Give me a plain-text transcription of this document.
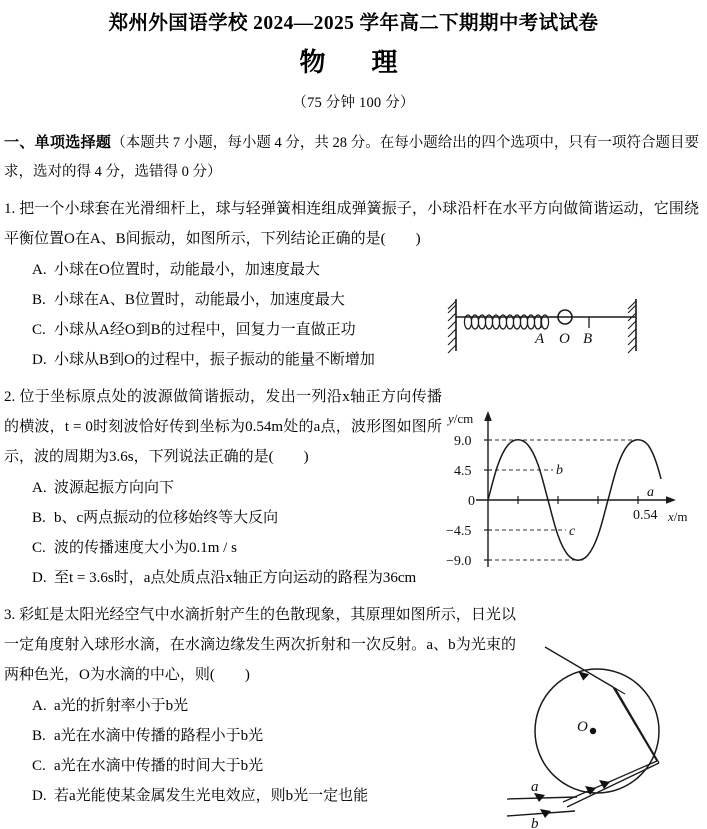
郑州外国语学校 2024—2025 学年高二下期期中考试试卷
物　理
（75 分钟 100 分）
一、单项选择题（本题共 7 小题，每小题 4 分，共 28 分。在每小题给出的四个选项中，只有一项符合题目要求，选对的得 4 分，选错得 0 分）
1. 把一个小球套在光滑细杆上，球与轻弹簧相连组成弹簧振子，小球沿杆在水平方向做简谐运动，它围绕平衡位置O在A、B间振动，如图所示，下列结论正确的是(　　)
A. 小球在O位置时，动能最小，加速度最大
B. 小球在A、B位置时，动能最小，加速度最大
C. 小球从A经O到B的过程中，回复力一直做正功
D. 小球从B到O的过程中，振子振动的能量不断增加
2. 位于坐标原点处的波源做简谐振动，发出一列沿x轴正方向传播的横波，t = 0时刻波恰好传到坐标为0.54m处的a点，波形图如图所示，波的周期为3.6s，下列说法正确的是(　　)
A. 波源起振方向向下
B. b、c两点振动的位移始终等大反向
C. 波的传播速度大小为0.1m / s
D. 至t = 3.6s时，a点处质点沿x轴正方向运动的路程为36cm
3. 彩虹是太阳光经空气中水滴折射产生的色散现象，其原理如图所示，日光以一定角度射入球形水滴，在水滴边缘发生两次折射和一次反射。a、b为光束的两种色光，O为水滴的中心，则(　　)
A. a光的折射率小于b光
B. a光在水滴中传播的路程小于b光
C. a光在水滴中传播的时间大于b光
D. 若a光能使某金属发生光电效应，则b光一定也能
A O B
y/cm
x/m
9.0
4.5
0
−4.5
−9.0
b
c
a
0.54
O
a
b
